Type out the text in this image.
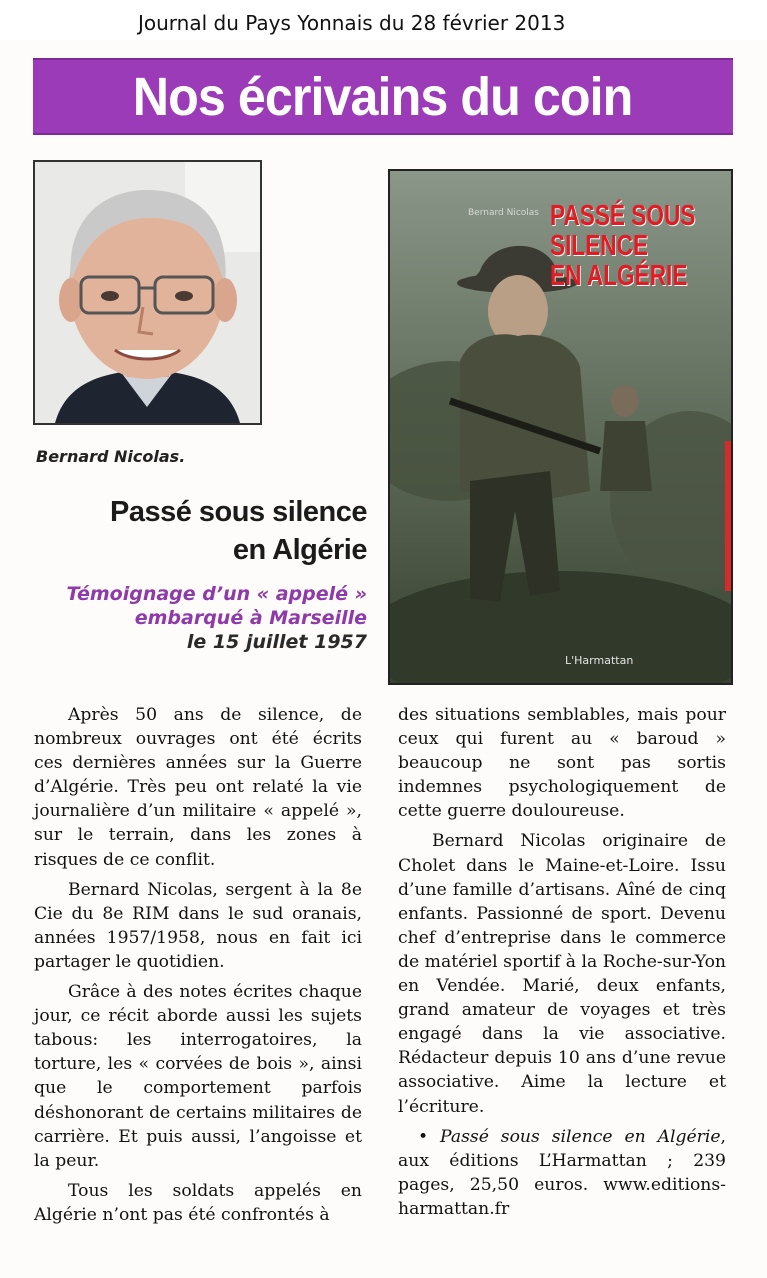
Journal du Pays Yonnais du 28 février 2013
Nos écrivains du coin
Bernard Nicolas.
Passé sous silence
en Algérie
Témoignage d’un « appelé »
embarqué à Marseille
le 15 juillet 1957
Bernard Nicolas PASSÉ SOUS
SILENCE
EN ALGÉRIE
L'Harmattan

Après 50 ans de silence, de nombreux ouvrages ont été écrits ces dernières années sur la Guerre d’Algérie. Très peu ont relaté la vie journalière d’un militaire « appelé », sur le terrain, dans les zones à risques de ce conflit.

Bernard Nicolas, sergent à la 8e Cie du 8e RIM dans le sud oranais, années 1957/1958, nous en fait ici partager le quotidien.

Grâce à des notes écrites chaque jour, ce récit aborde aussi les sujets tabous: les interrogatoires, la torture, les « corvées de bois », ainsi que le comportement parfois déshonorant de certains militaires de carrière. Et puis aussi, l’angoisse et la peur.

Tous les soldats appelés en Algérie n’ont pas été confrontés à

des situations semblables, mais pour ceux qui furent au « baroud » beaucoup ne sont pas sortis indemnes psychologiquement de cette guerre douloureuse.

Bernard Nicolas originaire de Cholet dans le Maine-et-Loire. Issu d’une famille d’artisans. Aîné de cinq enfants. Passionné de sport. Devenu chef d’entreprise dans le commerce de matériel sportif à la Roche-sur-Yon en Vendée. Marié, deux enfants, grand amateur de voyages et très engagé dans la vie associative. Rédacteur depuis 10 ans d’une revue associative. Aime la lecture et l’écriture.

• Passé sous silence en Algérie, aux éditions L’Harmattan ; 239 pages, 25,50 euros. www.editions-harmattan.fr
